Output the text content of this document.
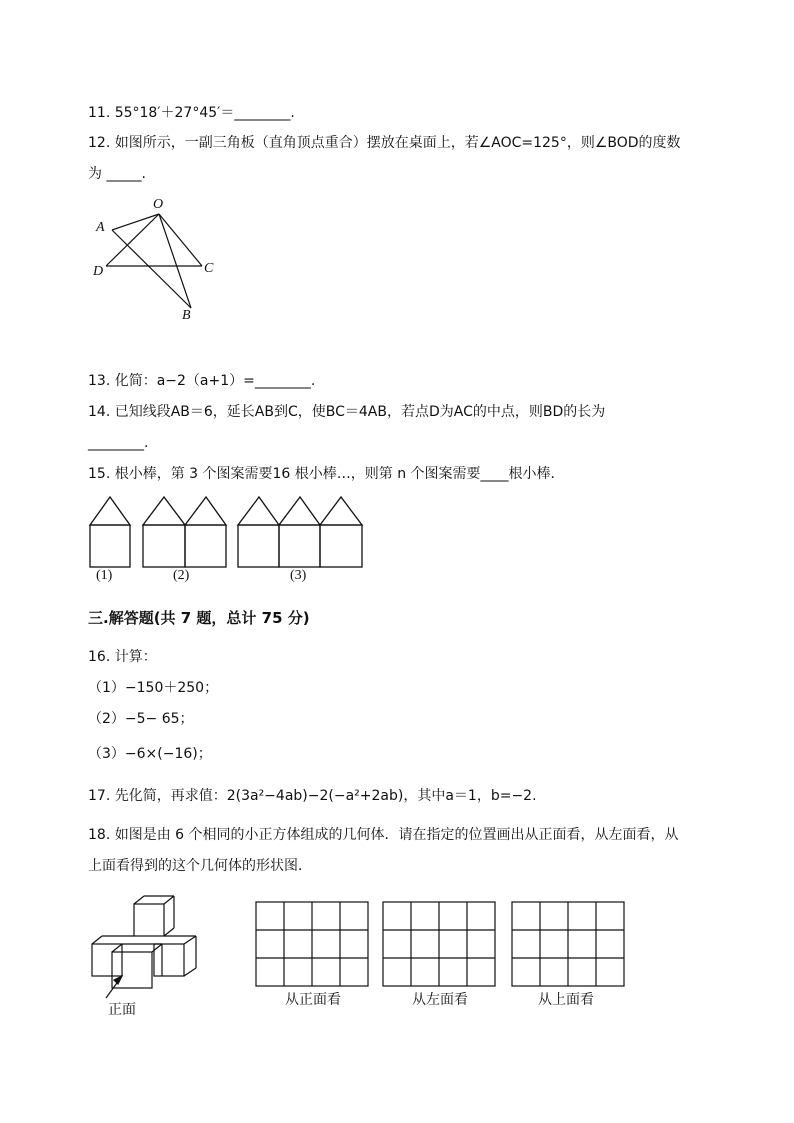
11. 55°18′＋27°45′＝________.
12. 如图所示，一副三角板（直角顶点重合）摆放在桌面上，若∠AOC=125°，则∠BOD的度数
为 _____.
O
A
D	C
B
13. 化简：a−2（a+1）=________.
14. 已知线段AB＝6，延长AB到C，使BC＝4AB，若点D为AC的中点，则BD的长为
________.
15. 根小棒，第 3 个图案需要16 根小棒…，则第 n 个图案需要____根小棒．
(1)	(2)	(3)
三.解答题(共 7 题，总计 75 分)
16. 计算：
（1）−150＋250；
（2）−5− 65；
（3）−6×(−16)；
17. 先化简，再求值：2(3a²−4ab)−2(−a²+2ab)，其中a＝1，b=−2.
18. 如图是由 6 个相同的小正方体组成的几何体．请在指定的位置画出从正面看，从左面看，从
上面看得到的这个几何体的形状图．
正面
从正面看	从左面看	从上面看
